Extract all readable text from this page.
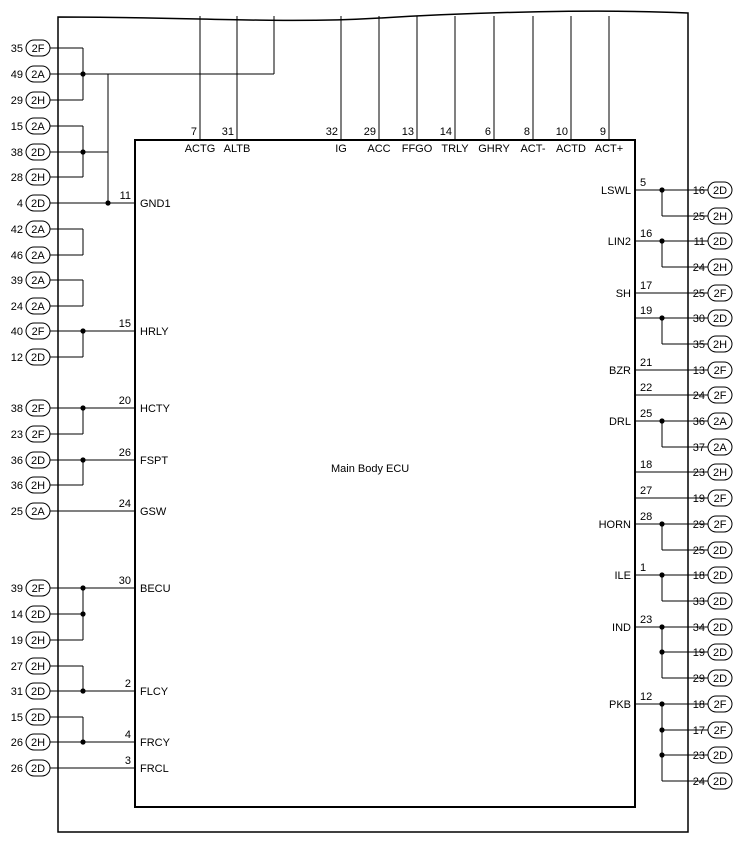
Main Body ECU
7
ACTG
31
ALTB
32
IG
29
ACC
13
FFGO
14
TRLY
6
GHRY
8
ACT-
10
ACTD
9
ACT+
11
GND1
15
HRLY
20
HCTY
26
FSPT
24
GSW
30
BECU
2
FLCY
4
FRCY
3
FRCL
5
LSWL
16
LIN2
17
SH
19
21
BZR
22
25
DRL
18
27
28
HORN
1
ILE
23
IND
12
PKB
35 2F
49 2A
29 2H
15 2A
38 2D
28 2H
4 2D
42 2A
46 2A
39 2A
24 2A
40 2F
12 2D
38 2F
23 2F
36 2D
36 2H
25 2A
39 2F
14 2D
19 2H
27 2H
31 2D
15 2D
26 2H
26 2D
16 2D
25 2H
11 2D
24 2H
25 2F
30 2D
35 2H
13 2F
24 2F
36 2A
37 2A
23 2H
19 2F
29 2F
25 2D
18 2D
33 2D
34 2D
19 2D
29 2D
18 2F
17 2F
23 2D
24 2D
